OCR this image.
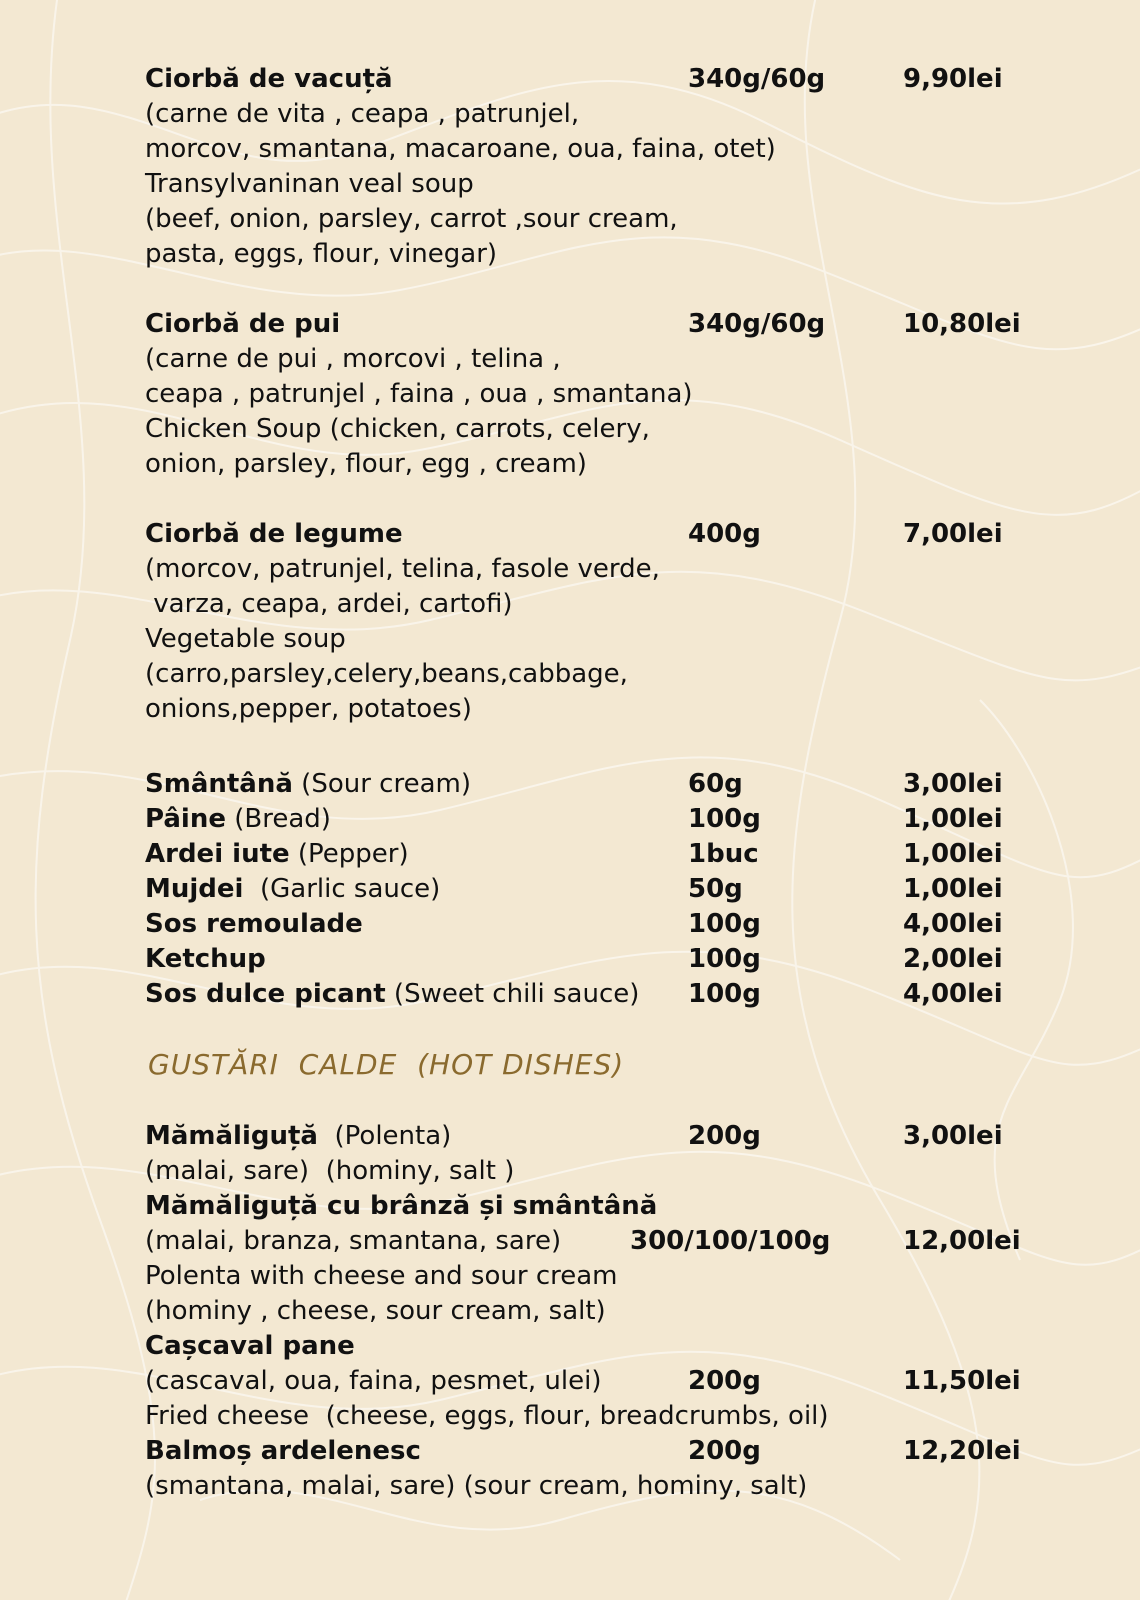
Ciorbă de vacuță	340g/60g	9,90lei
(carne de vita , ceapa , patrunjel,
morcov, smantana, macaroane, oua, faina, otet)
Transylvaninan veal soup
(beef, onion, parsley, carrot ,sour cream,
pasta, eggs, flour, vinegar)
Ciorbă de pui	340g/60g	10,80lei
(carne de pui , morcovi , telina ,
ceapa , patrunjel , faina , oua , smantana)
Chicken Soup (chicken, carrots, celery,
onion, parsley, flour, egg , cream)
Ciorbă de legume	400g	7,00lei
(morcov, patrunjel, telina, fasole verde,
varza, ceapa, ardei, cartofi)
Vegetable soup
(carro,parsley,celery,beans,cabbage,
onions,pepper, potatoes)
Smântână (Sour cream)	60g	3,00lei
Pâine (Bread)	100g	1,00lei
Ardei iute (Pepper)	1buc	1,00lei
Mujdei  (Garlic sauce)	50g	1,00lei
Sos remoulade	100g	4,00lei
Ketchup	100g	2,00lei
Sos dulce picant (Sweet chili sauce) 100g	4,00lei
GUSTĂRI  CALDE  (HOT DISHES)
Mămăliguță  (Polenta)	200g	3,00lei
(malai, sare)  (hominy, salt )
Mămăliguță cu brânză și smântână
(malai, branza, smantana, sare)	300/100/100g	12,00lei
Polenta with cheese and sour cream
(hominy , cheese, sour cream, salt)
Cașcaval pane
(cascaval, oua, faina, pesmet, ulei)	200g	11,50lei
Fried cheese  (cheese, eggs, flour, breadcrumbs, oil)
Balmoș ardelenesc	200g	12,20lei
(smantana, malai, sare) (sour cream, hominy, salt)
